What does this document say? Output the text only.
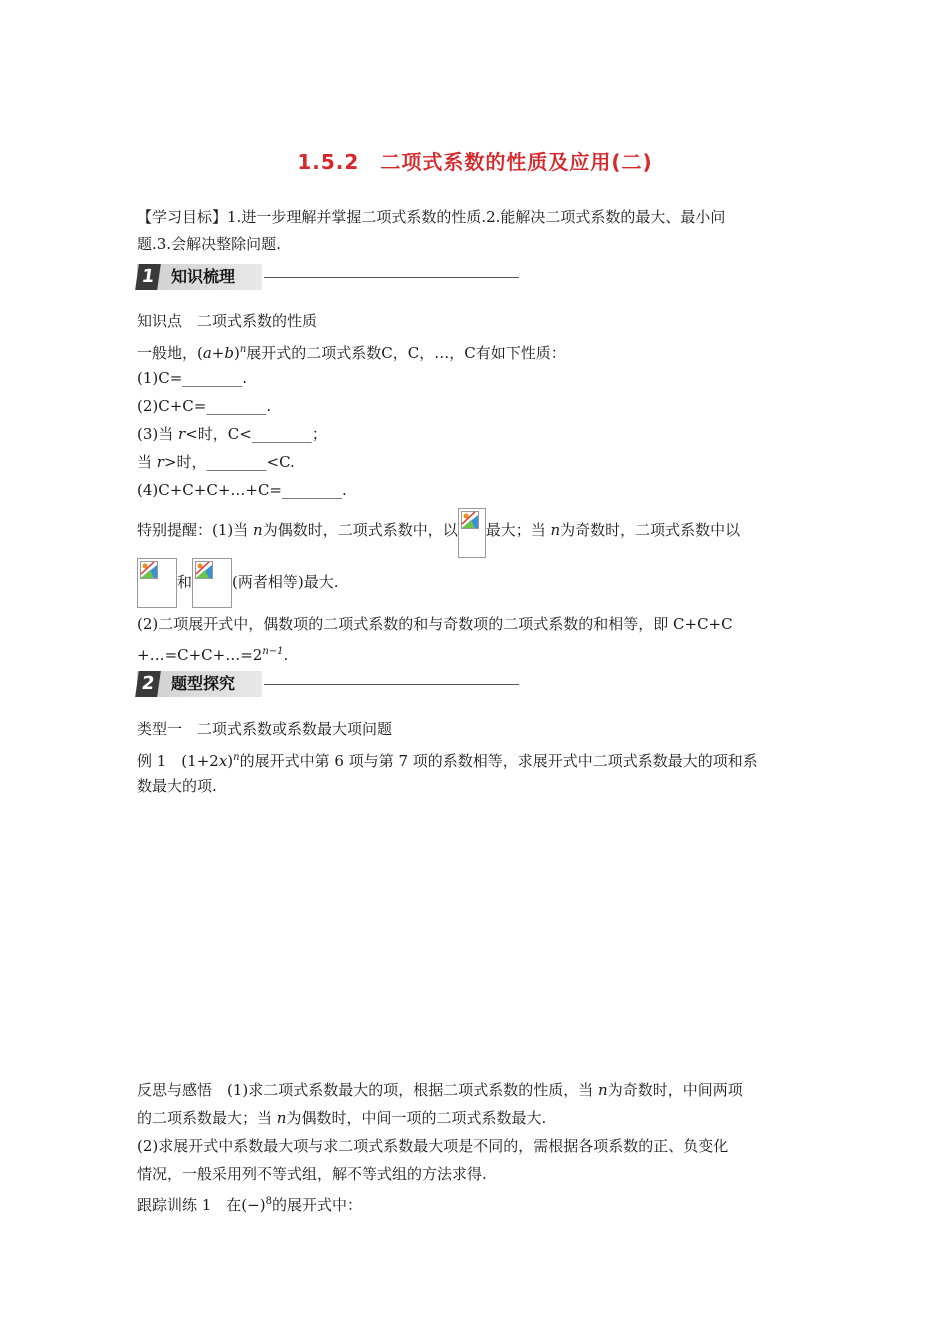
1.5.2　二项式系数的性质及应用(二)
【学习目标】1.进一步理解并掌握二项式系数的性质.2.能解决二项式系数的最大、最小问
题.3.会解决整除问题.
1 知识梳理
知识点　二项式系数的性质
一般地，$(a+b)^n$展开式的二项式系数C，C，…，C有如下性质：
(1)C=________.
(2)C+C=________.
(3)当 r<时，C<________；
当 r>时，________<C.
(4)C+C+C+…+C=________.
特别提醒：(1)当 n为偶数时，二项式系数中，以 最大；当 n为奇数时，二项式系数中以
和	(两者相等)最大.
(2)二项展开式中，偶数项的二项式系数的和与奇数项的二项式系数的和相等，即 C+C+C
$+\dots=C+C+\dots=2^{n-1}$.
2 题型探究
类型一　二项式系数或系数最大项问题
例 1　$(1+2x)^n$的展开式中第 6 项与第 7 项的系数相等，求展开式中二项式系数最大的项和系
数最大的项.
反思与感悟　(1)求二项式系数最大的项，根据二项式系数的性质，当 n为奇数时，中间两项
的二项系数最大；当 n为偶数时，中间一项的二项式系数最大.
(2)求展开式中系数最大项与求二项式系数最大项是不同的，需根据各项系数的正、负变化
情况，一般采用列不等式组，解不等式组的方法求得.
跟踪训练 1　在$(-)^8$的展开式中：
